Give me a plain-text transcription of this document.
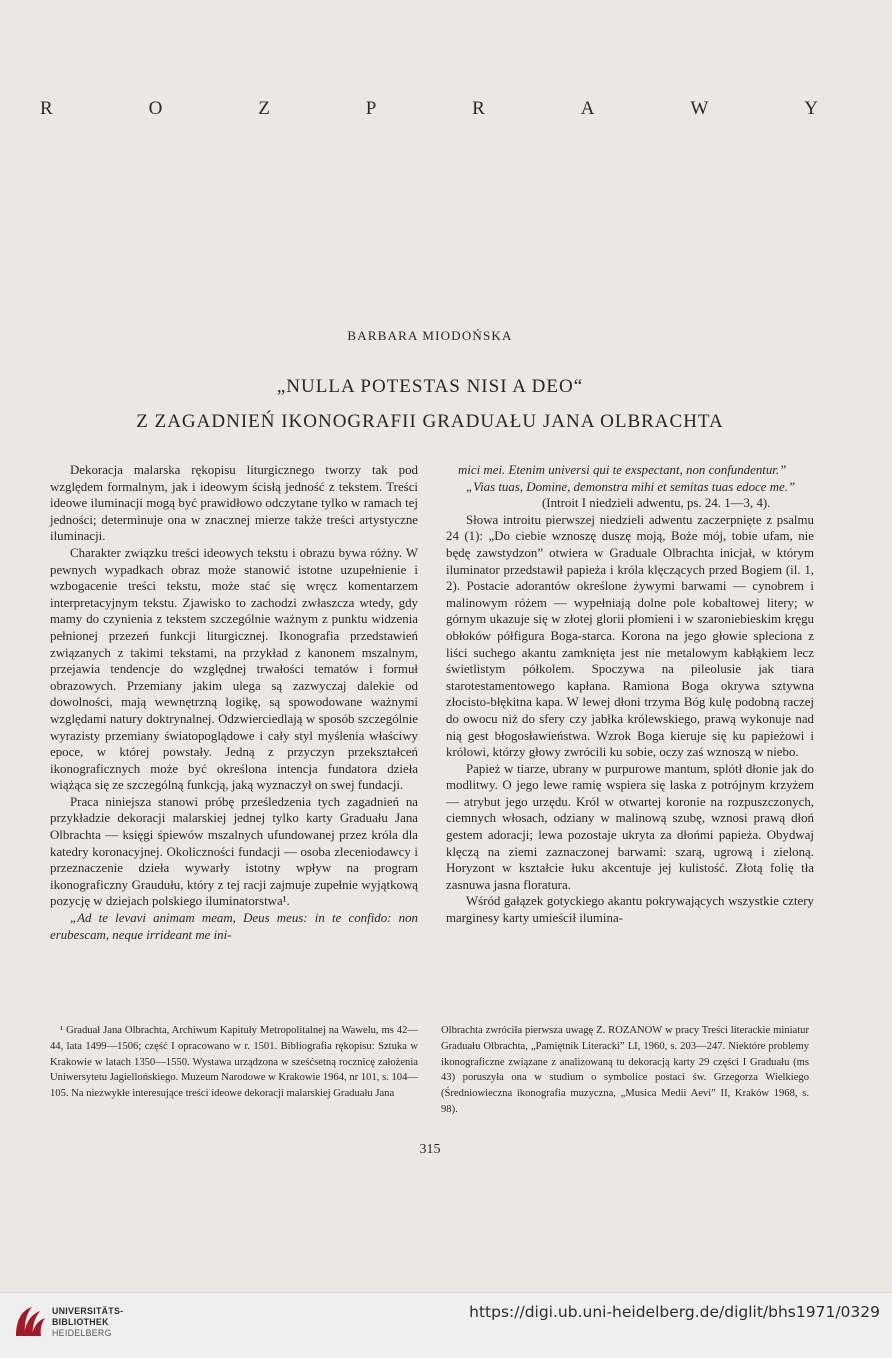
R	O	Z	P	R	A	W	Y
BARBARA MIODOŃSKA
„NULLA POTESTAS NISI A DEO“
Z ZAGADNIEŃ IKONOGRAFII GRADUAŁU JANA OLBRACHTA

Dekoracja malarska rękopisu liturgicznego tworzy tak pod względem formalnym, jak i ideowym ścisłą jedność z tekstem. Treści ideowe iluminacji mogą być prawidłowo odczytane tylko w ramach tej jedności; determinuje ona w znacznej mierze także treści artystyczne iluminacji.

Charakter związku treści ideowych tekstu i obrazu bywa różny. W pewnych wypadkach obraz może stanowić istotne uzupełnienie i wzbogacenie treści tekstu, może stać się wręcz komentarzem interpretacyjnym tekstu. Zjawisko to zachodzi zwłaszcza wtedy, gdy mamy do czynienia z tekstem szczególnie ważnym z punktu widzenia pełnionej przezeń funkcji liturgicznej. Ikonografia przedstawień związanych z takimi tekstami, na przykład z kanonem mszalnym, przejawia tendencje do względnej trwałości tematów i formuł obrazowych. Przemiany jakim ulega są zazwyczaj dalekie od dowolności, mają wewnętrzną logikę, są spowodowane ważnymi względami natury doktrynalnej. Odzwierciedlają w sposób szczególnie wyrazisty przemiany światopoglądowe i cały styl myślenia właściwy epoce, w której powstały. Jedną z przyczyn przekształceń ikonograficznych może być określona intencja fundatora dzieła wiążąca się ze szczególną funkcją, jaką wyznaczył on swej fundacji.

Praca niniejsza stanowi próbę prześledzenia tych zagadnień na przykładzie dekoracji malarskiej jednej tylko karty Graduału Jana Olbrachta — księgi śpiewów mszalnych ufundowanej przez króla dla katedry koronacyjnej. Okoliczności fundacji — osoba zleceniodawcy i przeznaczenie dzieła wywarły istotny wpływ na program ikonograficzny Graudułu, który z tej racji zajmuje zupełnie wyjątkową pozycję w dziejach polskiego iluminatorstwa¹.

„Ad te levavi animam meam, Deus meus: in te confido: non erubescam, neque irrideant me ini-

mici mei. Etenim universi qui te exspectant, non confundentur.”

„Vias tuas, Domine, demonstra mihi et semitas tuas edoce me.”

(Introit I niedzieli adwentu, ps. 24. 1—3, 4).

Słowa introitu pierwszej niedzieli adwentu zaczerpnięte z psalmu 24 (1): „Do ciebie wznoszę duszę moją, Boże mój, tobie ufam, nie będę zawstydzon” otwiera w Graduale Olbrachta inicjał, w którym iluminator przedstawił papieża i króla klęczących przed Bogiem (il. 1, 2). Postacie adorantów określone żywymi barwami — cynobrem i malinowym różem — wypełniają dolne pole kobaltowej litery; w górnym ukazuje się w złotej glorii płomieni i w szaroniebieskim kręgu obłoków półfigura Boga-starca. Korona na jego głowie spleciona z liści suchego akantu zamknięta jest nie metalowym kabłąkiem lecz świetlistym półkolem. Spoczywa na pileolusie jak tiara starotestamentowego kapłana. Ramiona Boga okrywa sztywna złocisto-błękitna kapa. W lewej dłoni trzyma Bóg kulę podobną raczej do owocu niż do sfery czy jabłka królewskiego, prawą wykonuje nad nią gest błogosławieństwa. Wzrok Boga kieruje się ku papieżowi i królowi, którzy głowy zwrócili ku sobie, oczy zaś wznoszą w niebo.

Papież w tiarze, ubrany w purpurowe mantum, splótł dłonie jak do modlitwy. O jego lewe ramię wspiera się laska z potrójnym krzyżem — atrybut jego urzędu. Król w otwartej koronie na rozpuszczonych, ciemnych włosach, odziany w malinową szubę, wznosi prawą dłoń gestem adoracji; lewa pozostaje ukryta za dłońmi papieża. Obydwaj klęczą na ziemi zaznaczonej barwami: szarą, ugrową i zieloną. Horyzont w kształcie łuku akcentuje jej kulistość. Złotą folię tła zasnuwa jasna floratura.

Wśród gałązek gotyckiego akantu pokrywających wszystkie cztery marginesy karty umieścił ilumina-

¹ Graduał Jana Olbrachta, Archiwum Kapituły Metropolitalnej na Wawelu, ms 42—44, lata 1499—1506; część I opracowano w r. 1501. Bibliografia rękopisu: Sztuka w Krakowie w latach 1350—1550. Wystawa urządzona w sześćsetną rocznicę założenia Uniwersytetu Jagiellońskiego. Muzeum Narodowe w Krakowie 1964, nr 101, s. 104—105. Na niezwykłe interesujące treści ideowe dekoracji malarskiej Graduału Jana

Olbrachta zwróciła pierwsza uwagę Z. ROZANOW w pracy Treści literackie miniatur Graduału Olbrachta, „Pamiętnik Literacki” LI, 1960, s. 203—247. Niektóre problemy ikonograficzne związane z analizowaną tu dekoracją karty 29 części I Graduału (ms 43) poruszyła ona w studium o symbolice postaci św. Grzegorza Wielkiego (Średniowieczna ikonografia muzyczna, „Musica Medii Aevi” II, Kraków 1968, s. 98).

315
UNIVERSITÄTS-
BIBLIOTHEK
HEIDELBERG
https://digi.ub.uni-heidelberg.de/diglit/bhs1971/0329
